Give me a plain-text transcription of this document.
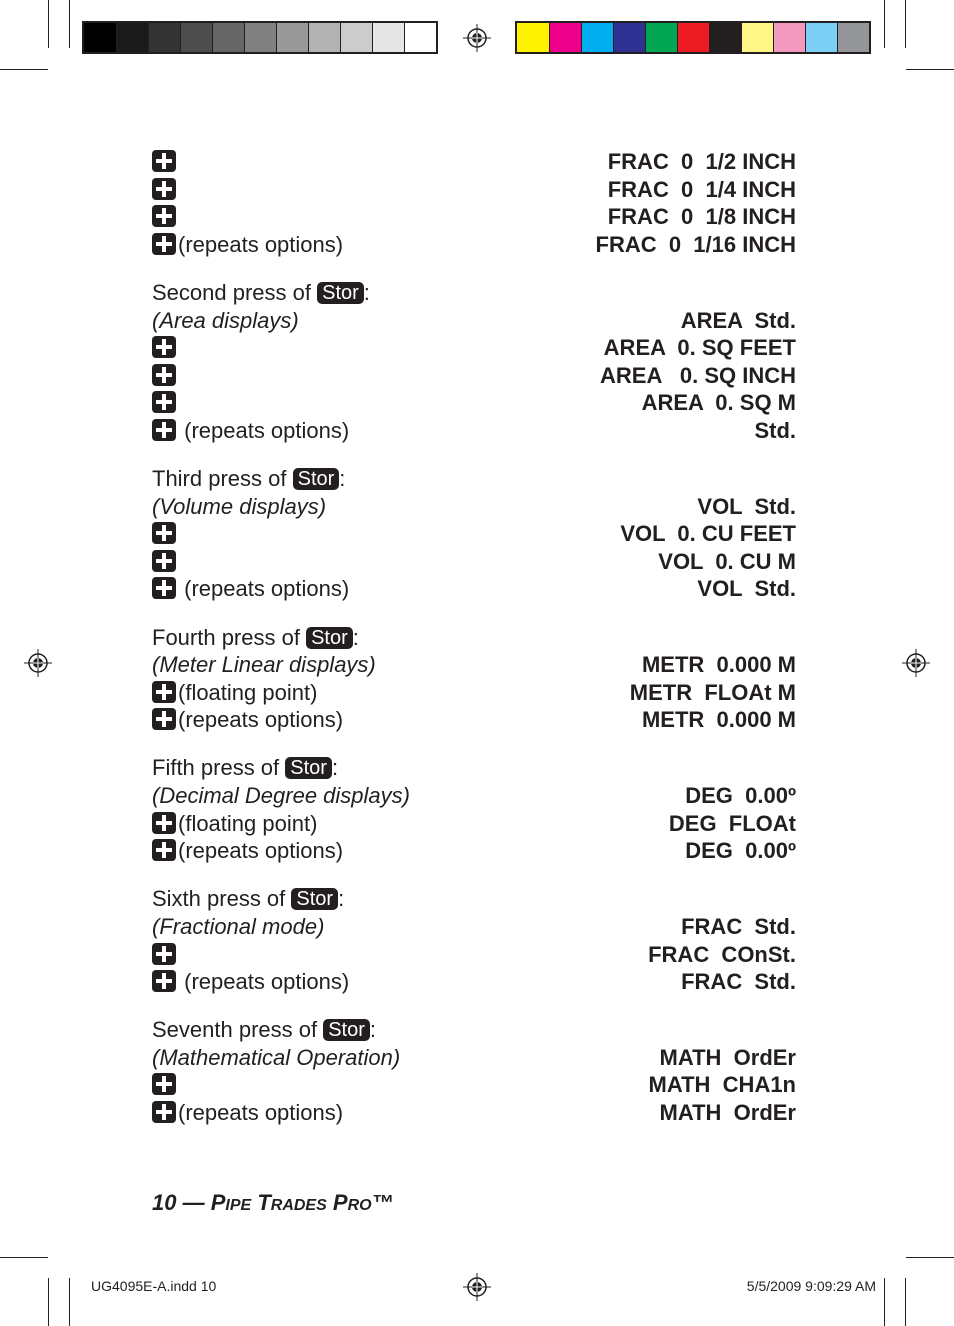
FRAC  0  1/2 INCH
FRAC  0  1/4 INCH
FRAC  0  1/8 INCH
(repeats options)	FRAC  0  1/16 INCH
Second press of Stor :
(Area displays)	AREA  Std.
AREA  0. SQ FEET
AREA   0. SQ INCH
AREA  0. SQ M
(repeats options)	Std.
Third press of Stor :
(Volume displays)	VOL  Std.
VOL  0. CU FEET
VOL  0. CU M
(repeats options)	VOL  Std.
Fourth press of Stor :
(Meter Linear displays)	METR  0.000 M
(floating point)	METR  FLOAt M
(repeats options)	METR  0.000 M
Fifth press of Stor :
(Decimal Degree displays)	DEG  0.00º
(floating point)	DEG  FLOAt
(repeats options)	DEG  0.00º
Sixth press of Stor :
(Fractional mode)	FRAC  Std.
FRAC  COnSt.
(repeats options)	FRAC  Std.
Seventh press of Stor :
(Mathematical Operation)	MATH  OrdEr
MATH  CHA1n
(repeats options)	MATH  OrdEr
10 — PIPE TRADES PRO™
UG4095E-A.indd 10	5/5/2009 9:09:29 AM
